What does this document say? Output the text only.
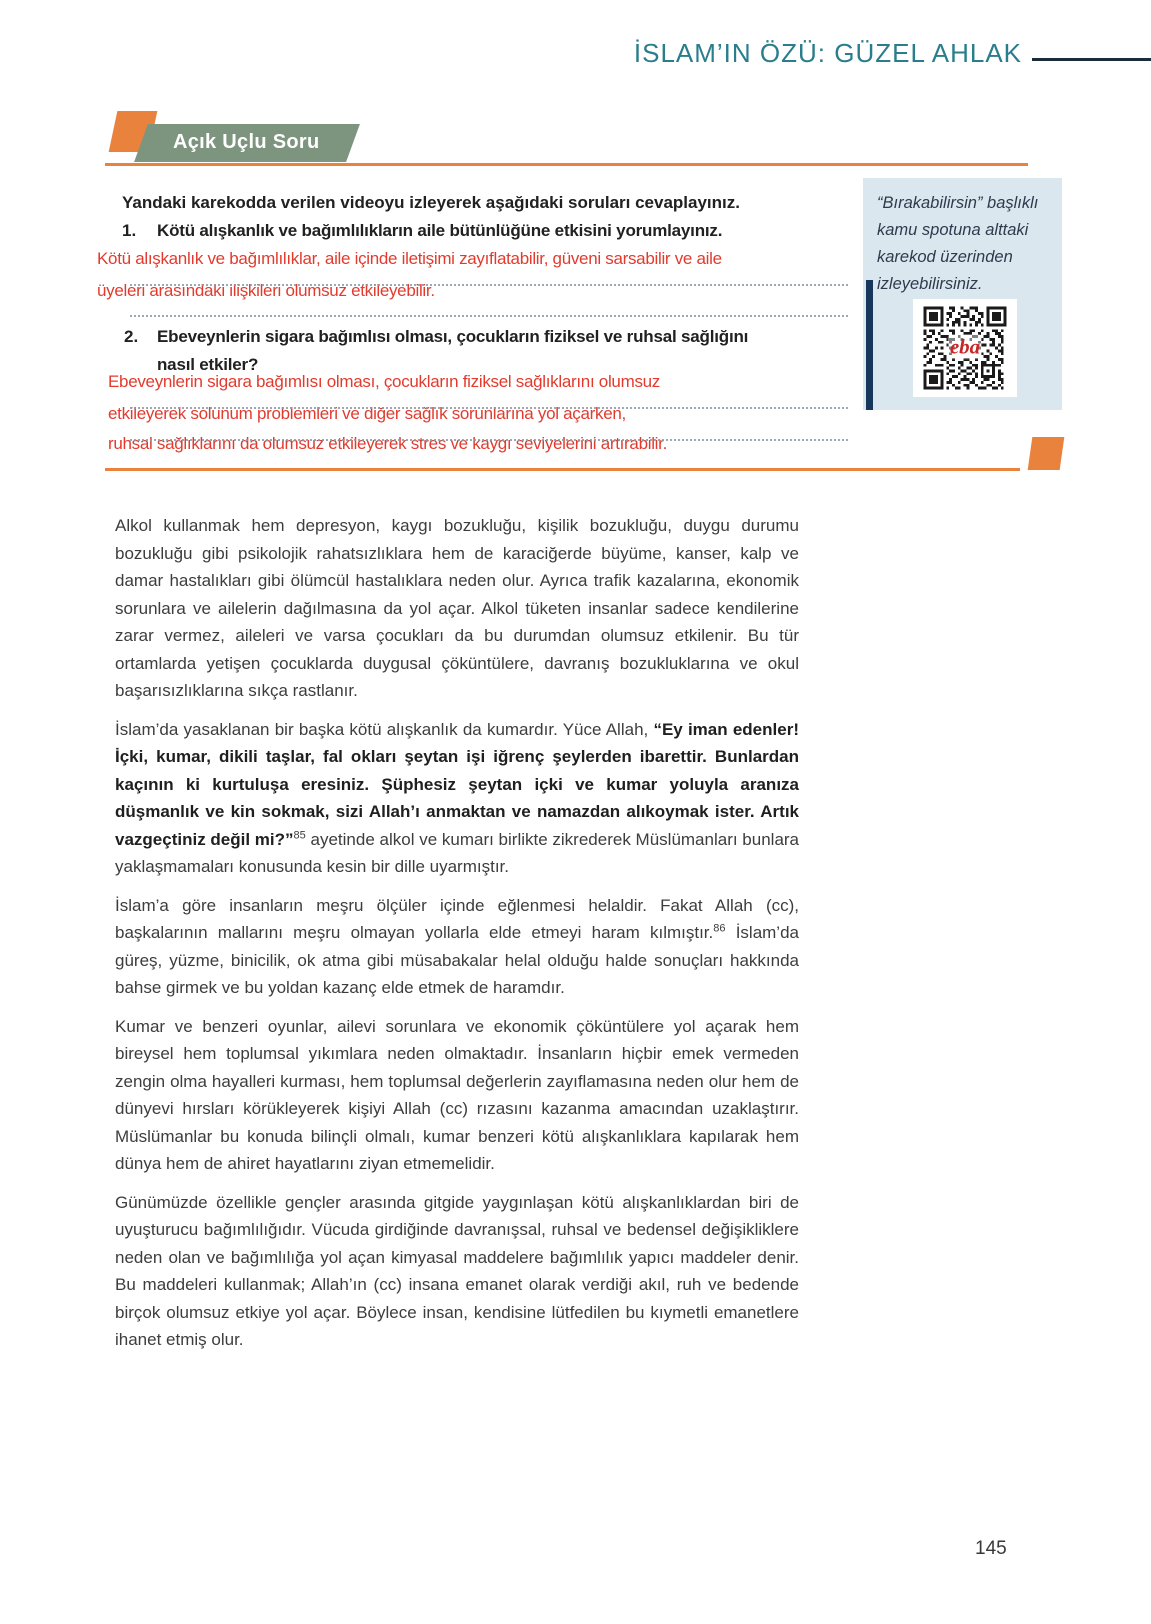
İSLAM’IN ÖZÜ: GÜZEL AHLAK
Açık Uçlu Soru

Yandaki karekodda verilen videoyu izleyerek aşağıdaki soruları cevaplayınız.

1. Kötü alışkanlık ve bağımlılıkların aile bütünlüğüne etkisini yorumlayınız.
Kötü alışkanlık ve bağımlılıklar, aile içinde iletişimi zayıflatabilir, güveni sarsabilir ve aile
üyeleri arasındaki ilişkileri olumsuz etkileyebilir.
2. Ebeveynlerin sigara bağımlısı olması, çocukların fiziksel ve ruhsal sağlığını
nasıl etkiler?
Ebeveynlerin sigara bağımlısı olması, çocukların fiziksel sağlıklarını olumsuz
etkileyerek solunum problemleri ve diğer sağlık sorunlarına yol açarken,
ruhsal sağlıklarını da olumsuz etkileyerek stres ve kaygı seviyelerini artırabilir.
“Bırakabilirsin” başlıklı
kamu spotuna alttaki
karekod üzerinden
izleyebilirsiniz.
eba

Alkol kullanmak hem depresyon, kaygı bozukluğu, kişilik bozukluğu, duygu durumu bozukluğu gibi psikolojik rahatsızlıklara hem de karaciğerde büyüme, kanser, kalp ve damar hastalıkları gibi ölümcül hastalıklara neden olur. Ayrıca trafik kazalarına, ekonomik sorunlara ve ailelerin dağılmasına da yol açar. Alkol tüketen insanlar sadece kendilerine zarar vermez, aileleri ve varsa çocukları da bu durumdan olumsuz etkilenir. Bu tür ortamlarda yetişen çocuklarda duygusal çöküntülere, davranış bozukluklarına ve okul başarısızlıklarına sıkça rastlanır.

İslam’da yasaklanan bir başka kötü alışkanlık da kumardır. Yüce Allah, “Ey iman edenler! İçki, kumar, dikili taşlar, fal okları şeytan işi iğrenç şeylerden ibarettir. Bunlardan kaçının ki kurtuluşa eresiniz. Şüphesiz şeytan içki ve kumar yoluyla aranıza düşmanlık ve kin sokmak, sizi Allah’ı anmaktan ve namazdan alıkoymak ister. Artık vazgeçtiniz değil mi?”$^{85}$ ayetinde alkol ve kumarı birlikte zikrederek Müslümanları bunlara yaklaşmamaları konusunda kesin bir dille uyarmıştır.

İslam’a göre insanların meşru ölçüler içinde eğlenmesi helaldir. Fakat Allah (cc), başkalarının mallarını meşru olmayan yollarla elde etmeyi haram kılmıştır.$^{86}$ İslam’da güreş, yüzme, binicilik, ok atma gibi müsabakalar helal olduğu halde sonuçları hakkında bahse girmek ve bu yoldan kazanç elde etmek de haramdır.

Kumar ve benzeri oyunlar, ailevi sorunlara ve ekonomik çöküntülere yol açarak hem bireysel hem toplumsal yıkımlara neden olmaktadır. İnsanların hiçbir emek vermeden zengin olma hayalleri kurması, hem toplumsal değerlerin zayıflamasına neden olur hem de dünyevi hırsları körükleyerek kişiyi Allah (cc) rızasını kazanma amacından uzaklaştırır. Müslümanlar bu konuda bilinçli olmalı, kumar benzeri kötü alışkanlıklara kapılarak hem dünya hem de ahiret hayatlarını ziyan etmemelidir.

Günümüzde özellikle gençler arasında gitgide yaygınlaşan kötü alışkanlıklardan biri de uyuşturucu bağımlılığıdır. Vücuda girdiğinde davranışsal, ruhsal ve bedensel değişikliklere neden olan ve bağımlılığa yol açan kimyasal maddelere bağımlılık yapıcı maddeler denir. Bu maddeleri kullanmak; Allah’ın (cc) insana emanet olarak verdiği akıl, ruh ve bedende birçok olumsuz etkiye yol açar. Böylece insan, kendisine lütfedilen bu kıymetli emanetlere ihanet etmiş olur.

145
